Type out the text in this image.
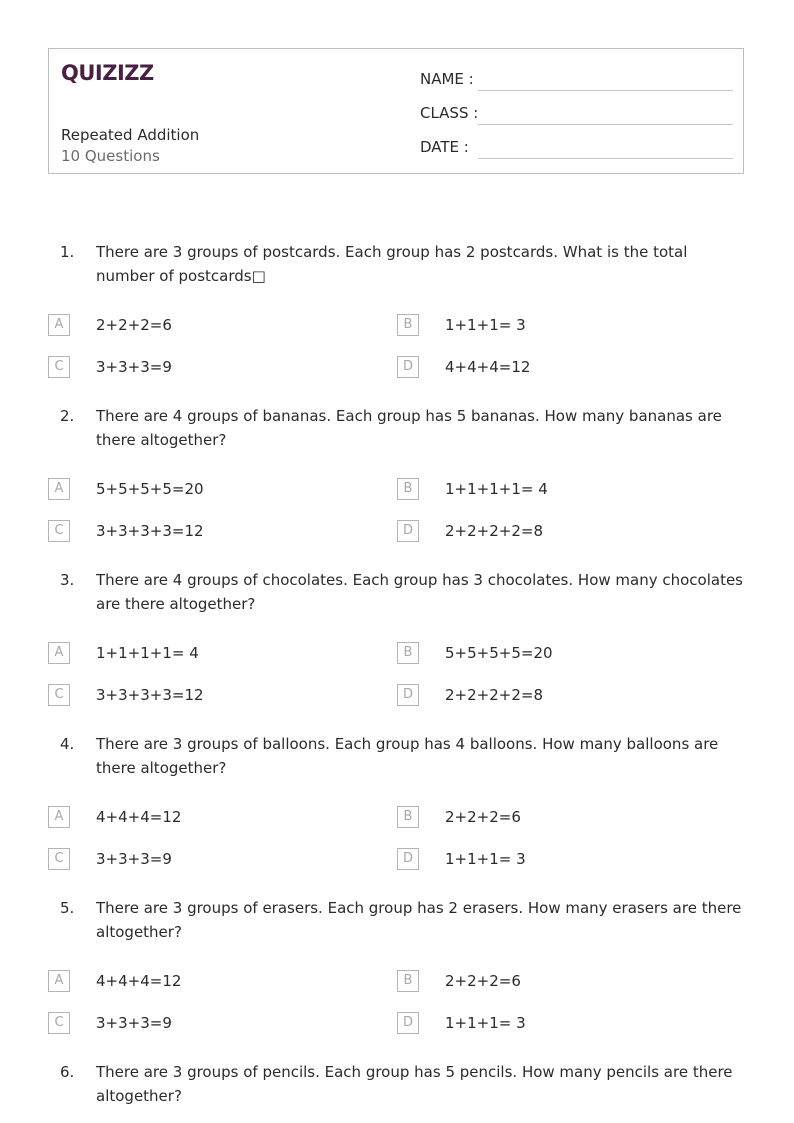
QUIZIZZ
Repeated Addition
10 Questions
NAME :
CLASS :
DATE :
1. There are 3 groups of postcards. Each group has 2 postcards. What is the total number of postcards□
A	2+2+2=6	B	1+1+1= 3
C	3+3+3=9	D	4+4+4=12
2. There are 4 groups of bananas. Each group has 5 bananas. How many bananas are there altogether?
A	5+5+5+5=20	B	1+1+1+1= 4
C	3+3+3+3=12	D	2+2+2+2=8
3. There are 4 groups of chocolates. Each group has 3 chocolates. How many chocolates are there altogether?
A	1+1+1+1= 4	B	5+5+5+5=20
C	3+3+3+3=12	D	2+2+2+2=8
4. There are 3 groups of balloons. Each group has 4 balloons. How many balloons are there altogether?
A	4+4+4=12	B	2+2+2=6
C	3+3+3=9	D	1+1+1= 3
5. There are 3 groups of erasers. Each group has 2 erasers. How many erasers are there altogether?
A	4+4+4=12	B	2+2+2=6
C	3+3+3=9	D	1+1+1= 3
6. There are 3 groups of pencils. Each group has 5 pencils. How many pencils are there altogether?
